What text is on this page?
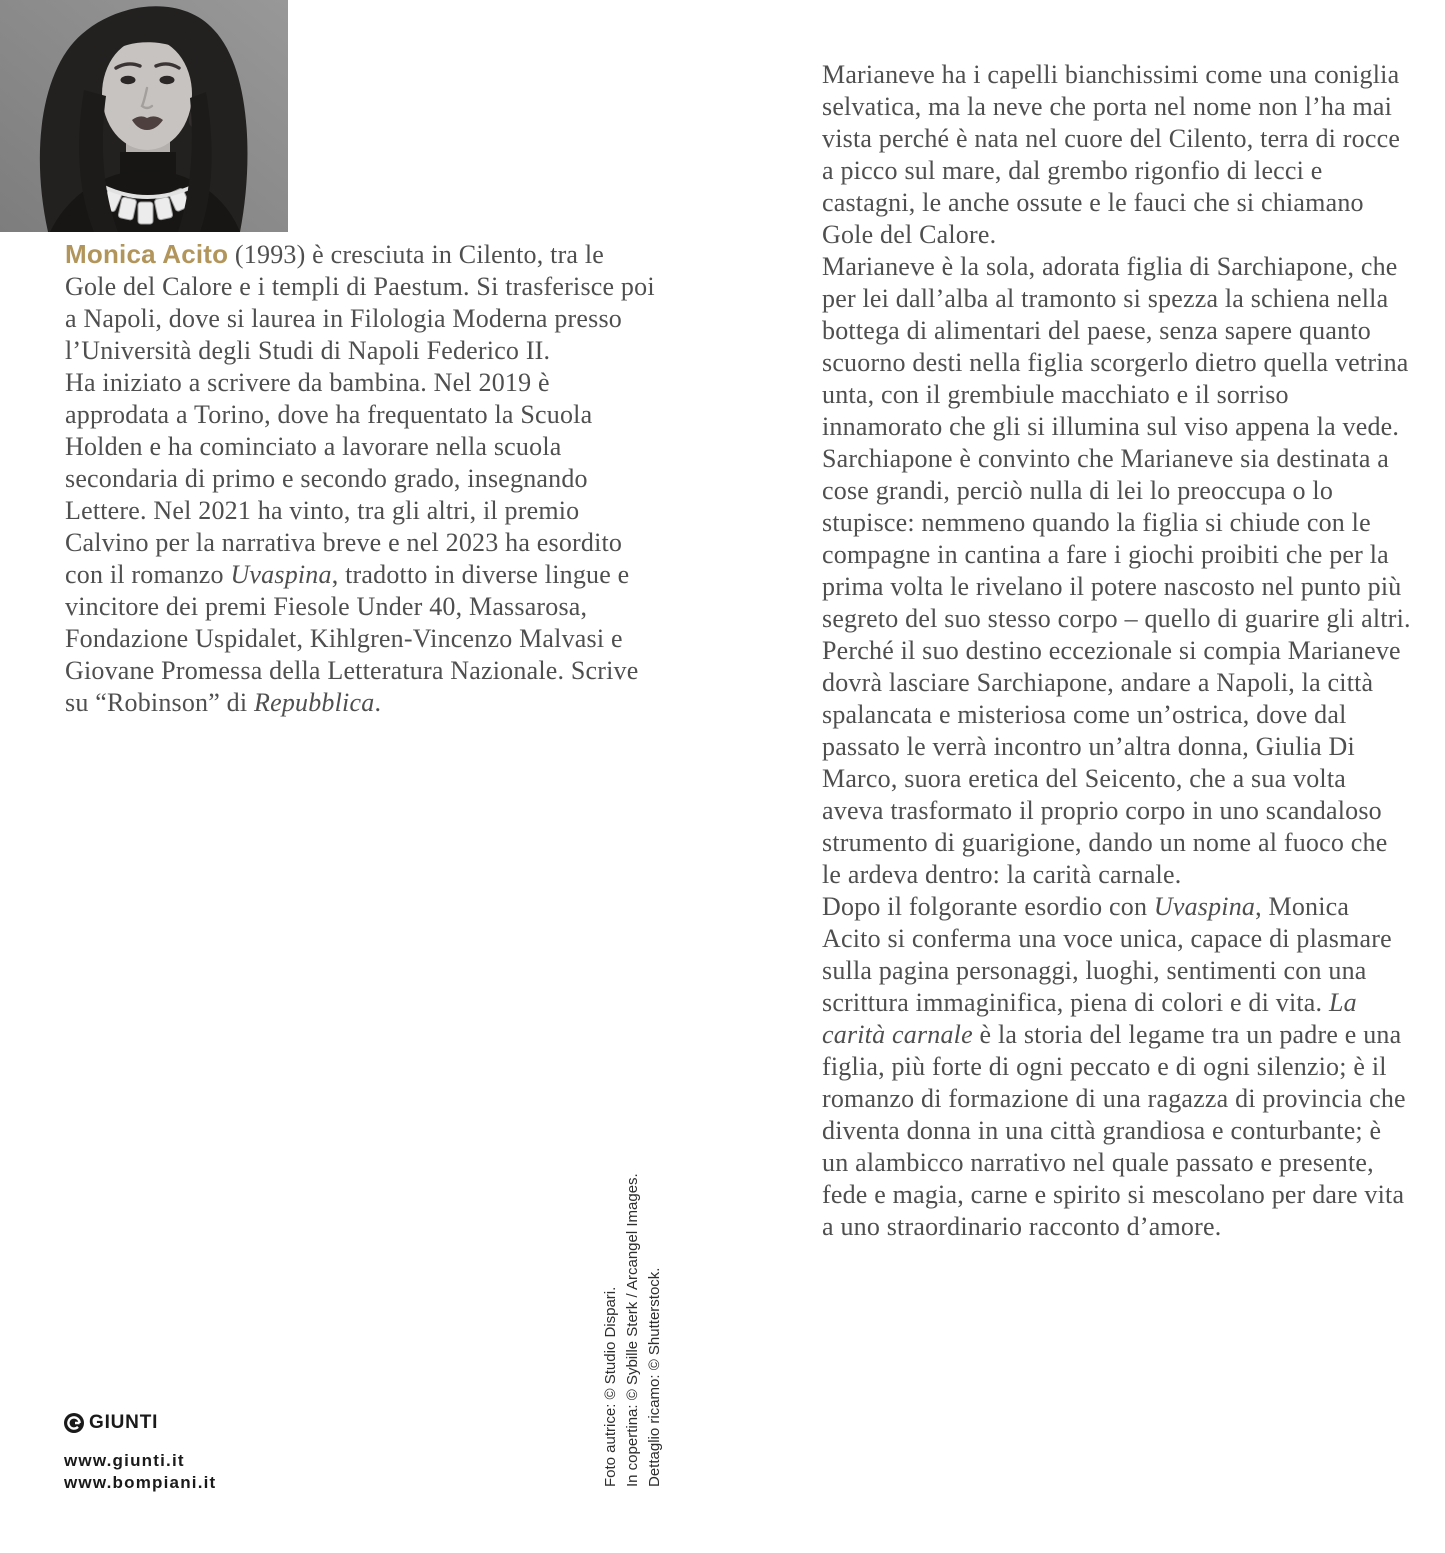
Monica Acito (1993) è cresciuta in Cilento, tra le Gole del Calore e i templi di Paestum. Si trasferisce poi a Napoli, dove si laurea in Filologia Moderna presso l’Università degli Studi di Napoli Federico II.

Ha iniziato a scrivere da bambina. Nel 2019 è approdata a Torino, dove ha frequentato la Scuola Holden e ha cominciato a lavorare nella scuola secondaria di primo e secondo grado, insegnando Lettere. Nel 2021 ha vinto, tra gli altri, il premio Calvino per la narrativa breve e nel 2023 ha esordito con il romanzo Uvaspina, tradotto in diverse lingue e vincitore dei premi Fiesole Under 40, Massarosa, Fondazione Uspidalet, Kihlgren-Vincenzo Malvasi e Giovane Promessa della Letteratura Nazionale. Scrive su “Robinson” di Repubblica.

Marianeve ha i capelli bianchissimi come una coniglia selvatica, ma la neve che porta nel nome non l’ha mai vista perché è nata nel cuore del Cilento, terra di rocce a picco sul mare, dal grembo rigonfio di lecci e castagni, le anche ossute e le fauci che si chiamano Gole del Calore.

Marianeve è la sola, adorata figlia di Sarchiapone, che per lei dall’alba al tramonto si spezza la schiena nella bottega di alimentari del paese, senza sapere quanto scuorno desti nella figlia scorgerlo dietro quella vetrina unta, con il grembiule macchiato e il sorriso innamorato che gli si illumina sul viso appena la vede.

Sarchiapone è convinto che Marianeve sia destinata a cose grandi, perciò nulla di lei lo preoccupa o lo stupisce: nemmeno quando la figlia si chiude con le compagne in cantina a fare i giochi proibiti che per la prima volta le rivelano il potere nascosto nel punto più segreto del suo stesso corpo – quello di guarire gli altri.

Perché il suo destino eccezionale si compia Marianeve dovrà lasciare Sarchiapone, andare a Napoli, la città spalancata e misteriosa come un’ostrica, dove dal passato le verrà incontro un’altra donna, Giulia Di Marco, suora eretica del Seicento, che a sua volta aveva trasformato il proprio corpo in uno scandaloso strumento di guarigione, dando un nome al fuoco che le ardeva dentro: la carità carnale.

Dopo il folgorante esordio con Uvaspina, Monica Acito si conferma una voce unica, capace di plasmare sulla pagina personaggi, luoghi, sentimenti con una scrittura immaginifica, piena di colori e di vita. La carità carnale è la storia del legame tra un padre e una figlia, più forte di ogni peccato e di ogni silenzio; è il romanzo di formazione di una ragazza di provincia che diventa donna in una città grandiosa e conturbante; è un alambicco narrativo nel quale passato e presente, fede e magia, carne e spirito si mescolano per dare vita a uno straordinario racconto d’amore.

Foto autrice: © Studio Dispari. In copertina: © Sybille Sterk / Arcangel Images. Dettaglio ricamo: © Shutterstock.
GIUNTI
www.giunti.it
www.bompiani.it
